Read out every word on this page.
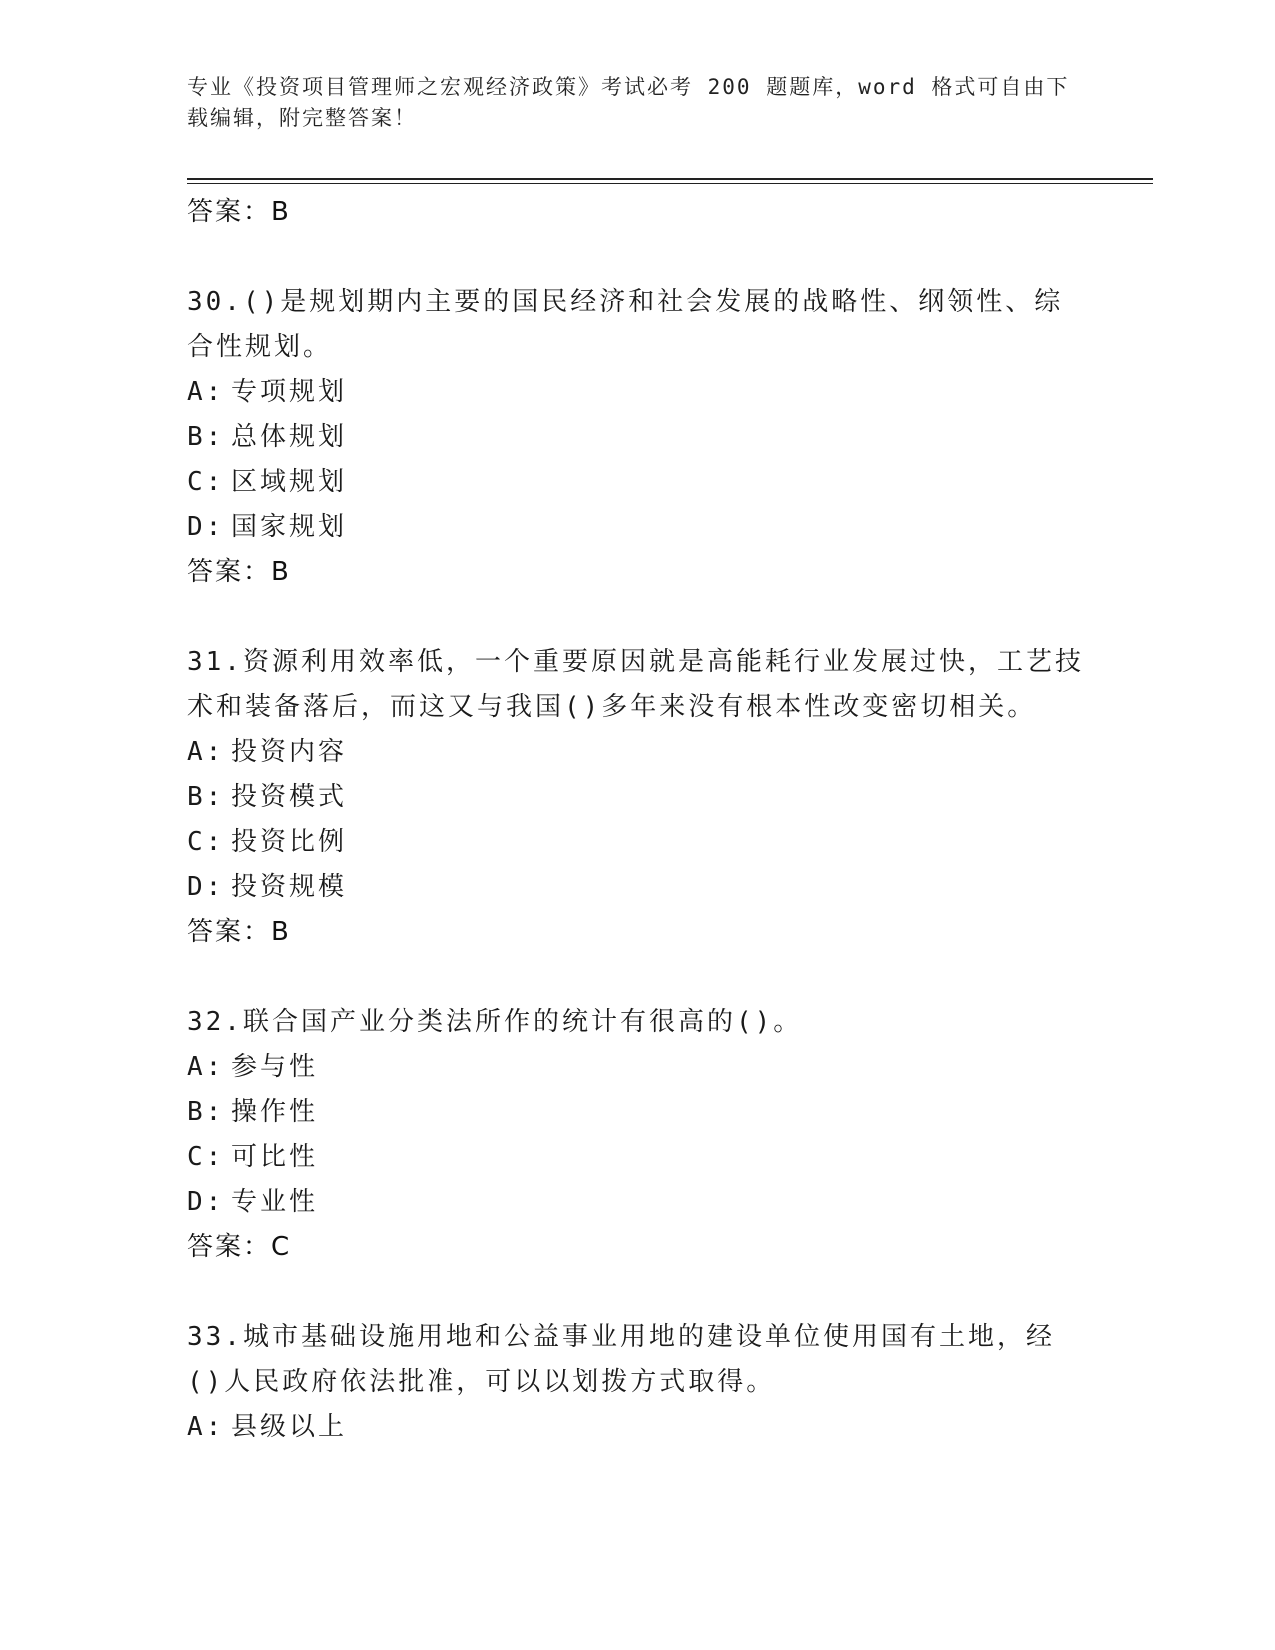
专业《投资项目管理师之宏观经济政策》考试必考 200 题题库，word 格式可自由下载编辑，附完整答案！
答案：B
30.()是规划期内主要的国民经济和社会发展的战略性、纲领性、综合性规划。
A: 专项规划
B: 总体规划
C: 区域规划
D: 国家规划
答案：B
31.资源利用效率低，一个重要原因就是高能耗行业发展过快，工艺技术和装备落后，而这又与我国()多年来没有根本性改变密切相关。
A: 投资内容
B: 投资模式
C: 投资比例
D: 投资规模
答案：B
32.联合国产业分类法所作的统计有很高的()。
A: 参与性
B: 操作性
C: 可比性
D: 专业性
答案：C
33.城市基础设施用地和公益事业用地的建设单位使用国有土地，经()人民政府依法批准，可以以划拨方式取得。
A: 县级以上
